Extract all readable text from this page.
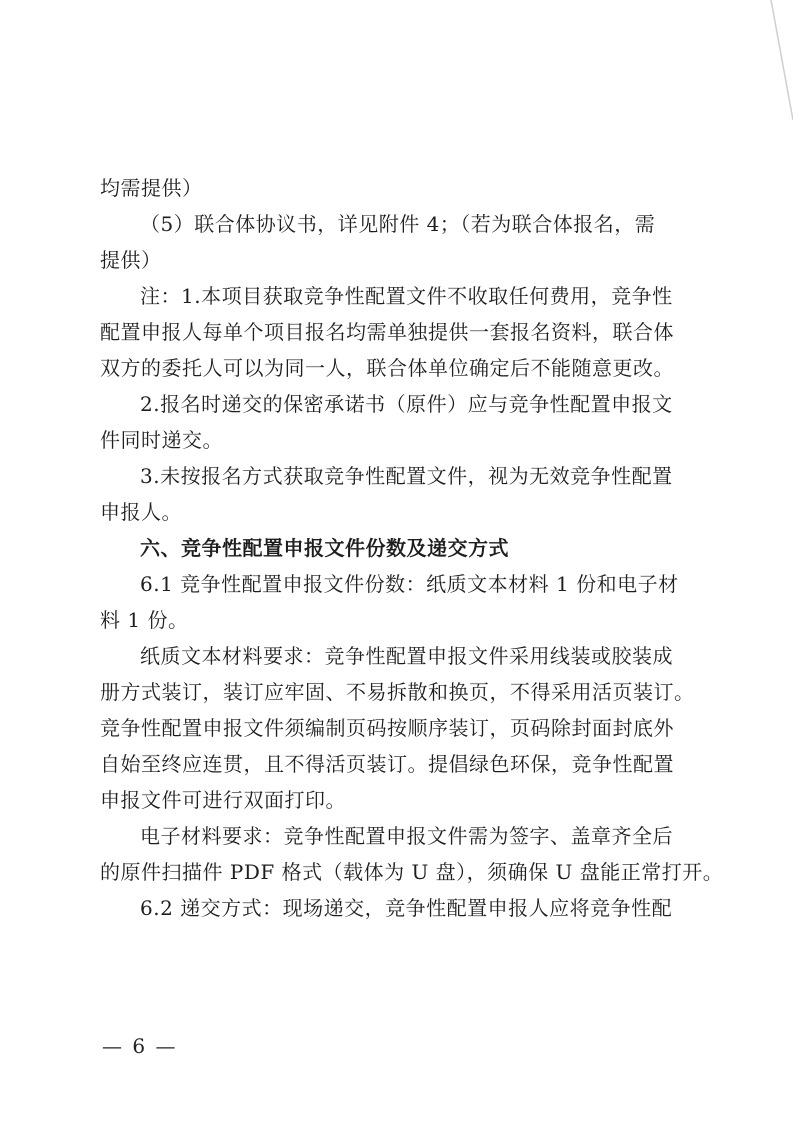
均需提供）
（5）联合体协议书，详见附件 4；（若为联合体报名，需
提供）
注：1.本项目获取竞争性配置文件不收取任何费用，竞争性
配置申报人每单个项目报名均需单独提供一套报名资料，联合体
双方的委托人可以为同一人，联合体单位确定后不能随意更改。
2.报名时递交的保密承诺书（原件）应与竞争性配置申报文
件同时递交。
3.未按报名方式获取竞争性配置文件，视为无效竞争性配置
申报人。
六、竞争性配置申报文件份数及递交方式
6.1 竞争性配置申报文件份数：纸质文本材料 1 份和电子材
料 1 份。
纸质文本材料要求：竞争性配置申报文件采用线装或胶装成
册方式装订，装订应牢固、不易拆散和换页，不得采用活页装订。
竞争性配置申报文件须编制页码按顺序装订，页码除封面封底外
自始至终应连贯，且不得活页装订。提倡绿色环保，竞争性配置
申报文件可进行双面打印。
电子材料要求：竞争性配置申报文件需为签字、盖章齐全后
的原件扫描件 PDF 格式（载体为 U 盘），须确保 U 盘能正常打开。
6.2 递交方式：现场递交，竞争性配置申报人应将竞争性配
— 6 —
